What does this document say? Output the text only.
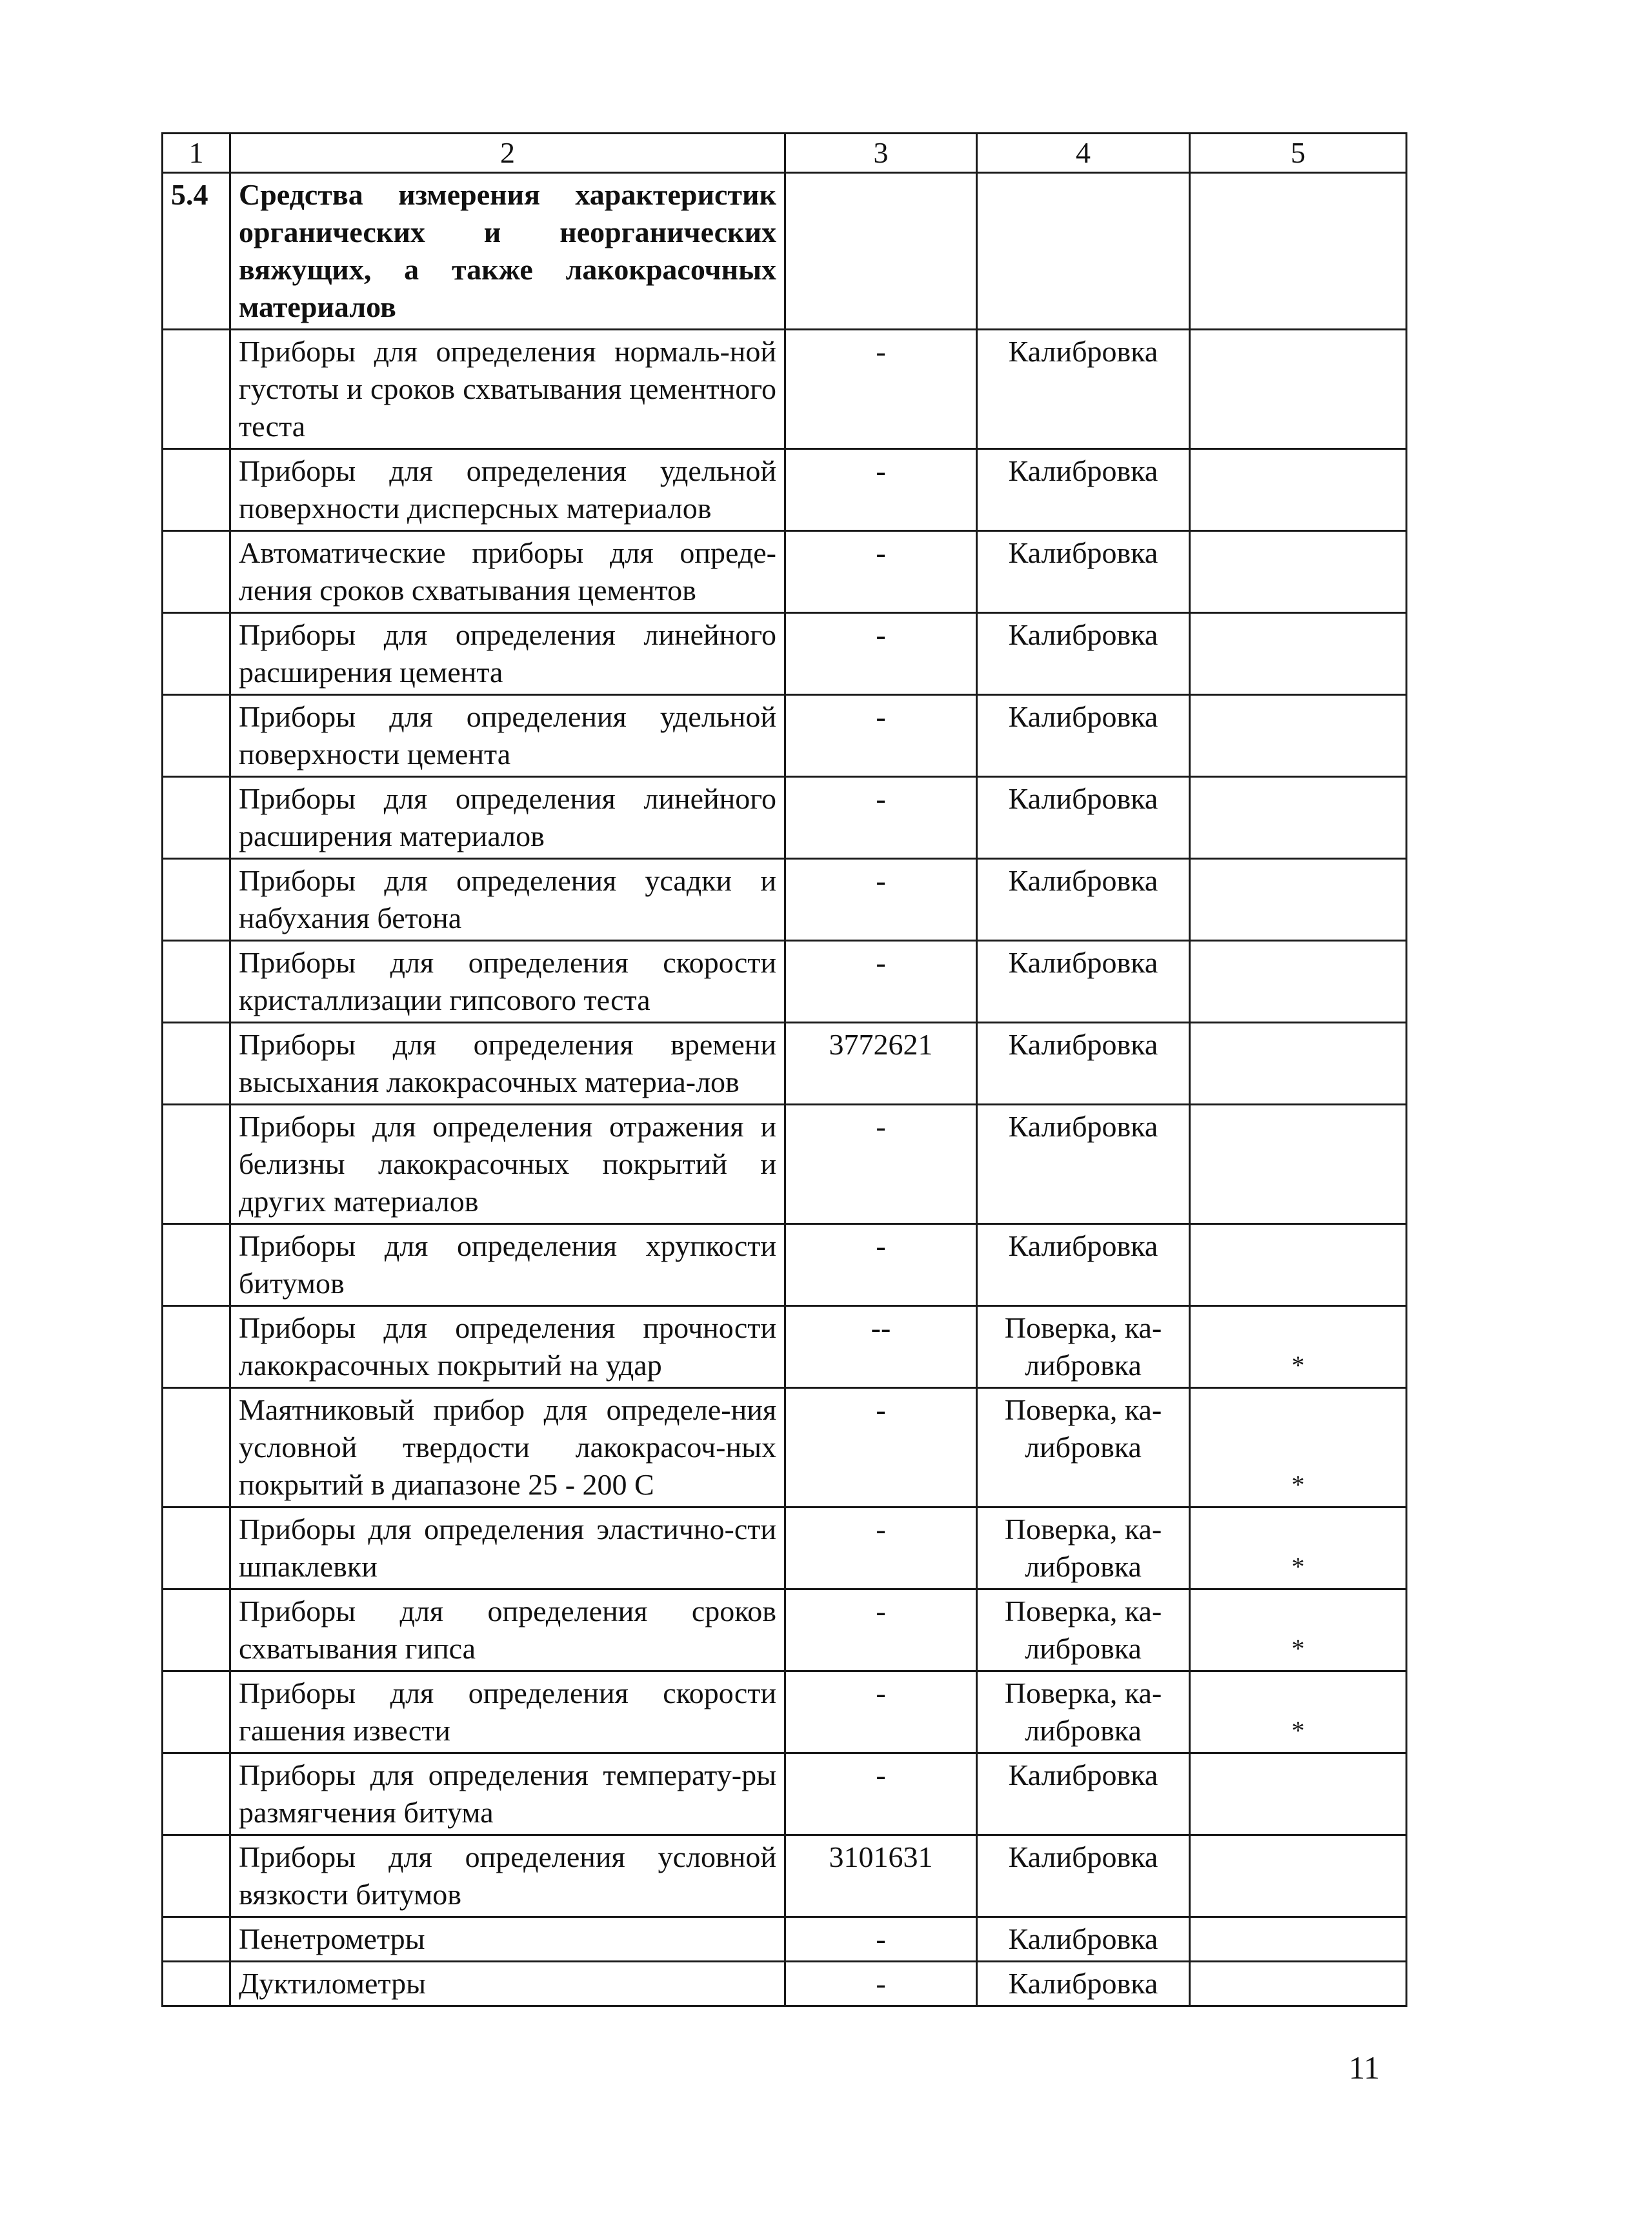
1	2	3	4	5
5.4	Средства измерения характеристик органических и неорганических вяжущих, а также лакокрасочных материалов			
	Приборы для определения нормаль-ной густоты и сроков схватывания цементного теста	-	Калибровка	
	Приборы для определения удельной поверхности дисперсных материалов	-	Калибровка	
	Автоматические приборы для опреде-ления сроков схватывания цементов	-	Калибровка	
	Приборы для определения линейного расширения цемента	-	Калибровка	
	Приборы для определения удельной поверхности цемента	-	Калибровка	
	Приборы для определения линейного расширения материалов	-	Калибровка	
	Приборы для определения усадки и набухания бетона	-	Калибровка	
	Приборы для определения скорости кристаллизации гипсового теста	-	Калибровка	
	Приборы для определения времени высыхания лакокрасочных материа-лов	3772621	Калибровка	
	Приборы для определения отражения и белизны лакокрасочных покрытий и других материалов	-	Калибровка	
	Приборы для определения хрупкости битумов	-	Калибровка	
	Приборы для определения прочности лакокрасочных покрытий на удар	--	Поверка, ка-либровка	*
	Маятниковый прибор для определе-ния условной твердости лакокрасоч-ных покрытий в диапазоне 25 - 200 С	-	Поверка, ка-либровка	*
	Приборы для определения эластично-сти шпаклевки	-	Поверка, ка-либровка	*
	Приборы для определения сроков схватывания гипса	-	Поверка, ка-либровка	*
	Приборы для определения скорости гашения извести	-	Поверка, ка-либровка	*
	Приборы для определения температу-ры размягчения битума	-	Калибровка	
	Приборы для определения условной вязкости битумов	3101631	Калибровка	
	Пенетрометры	-	Калибровка	
	Дуктилометры	-	Калибровка	
11
